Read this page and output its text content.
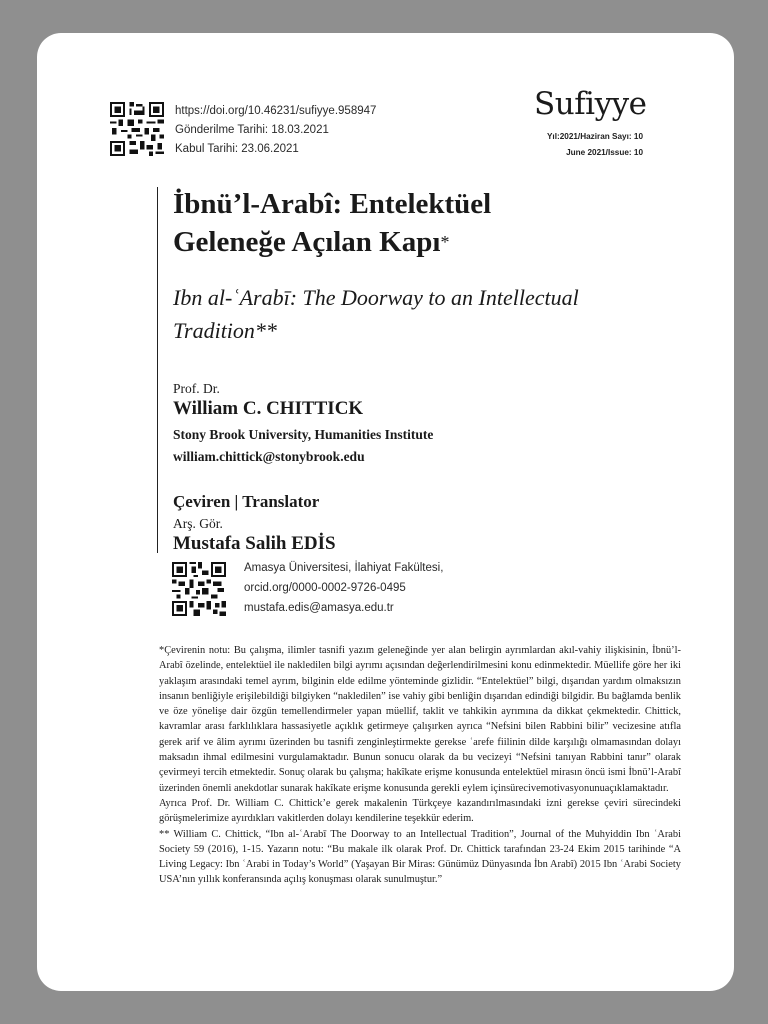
https://doi.org/10.46231/sufiyye.958947
Gönderilme Tarihi: 18.03.2021
Kabul Tarihi: 23.06.2021
Sufiyye
Yıl:2021/Haziran Sayı: 10
June 2021/Issue: 10
İbnü’l-Arabî: Entelektüel
Geleneğe Açılan Kapı*
Ibn al-ʿArabī: The Doorway to an Intellectual
Tradition**
Prof. Dr.
William C. CHITTICK
Stony Brook University, Humanities Institute
william.chittick@stonybrook.edu
Çeviren | Translator
Arş. Gör.
Mustafa Salih EDİS
Amasya Üniversitesi, İlahiyat Fakültesi,
orcid.org/0000-0002-9726-0495
mustafa.edis@amasya.edu.tr

*Çevirenin notu: Bu çalışma, ilimler tasnifi yazım geleneğinde yer alan belirgin ayrımlardan akıl-vahiy ilişkisinin, İbnü’l-Arabî özelinde, entelektüel ile nakledilen bilgi ayrımı açısından değerlendirilmesini konu edinmektedir. Müellife göre her iki yaklaşım arasındaki temel ayrım, bilginin elde edilme yönteminde gizlidir. “Entelektüel” bilgi, dışarıdan yardım olmaksızın insanın benliğiyle erişilebildiği bilgiyken “nakledilen” ise vahiy gibi benliğin dışarıdan edindiği bilgidir. Bu bağlamda benlik ve öze yönelişe dair özgün temellendirmeler yapan müellif, taklit ve tahkikin ayrımına da dikkat çekmektedir. Chittick, kavramlar arası farklılıklara hassasiyetle açıklık getirmeye çalışırken ayrıca “Nefsini bilen Rabbini bilir” vecizesine atıfla gerek arif ve âlim ayrımı üzerinden bu tasnifi zenginleştirmekte gerekse ʿarefe fiilinin dilde karşılığı olmamasından dolayı maksadın ihmal edilmesini vurgulamaktadır. Bunun sonucu olarak da bu vecizeyi “Nefsini tanıyan Rabbini tanır” olarak çevirmeyi tercih etmektedir. Sonuç olarak bu çalışma; hakîkate erişme konusunda entelektüel mirasın öncü ismi İbnü’l-Arabî üzerinden önemli anekdotlar sunarak hakîkate erişme konusunda gerekli eylem içinsürecivemotivasyonunuaçıklamaktadır.

Ayrıca Prof. Dr. William C. Chittick’e gerek makalenin Türkçeye kazandırılmasındaki izni gerekse çeviri sürecindeki görüşmelerimize ayırdıkları vakitlerden dolayı kendilerine teşekkür ederim.

** William C. Chittick, “Ibn al-ʿArabī The Doorway to an Intellectual Tradition”, Journal of the Muhyiddin Ibn ʿArabi Society 59 (2016), 1-15. Yazarın notu: “Bu makale ilk olarak Prof. Dr. Chittick tarafından 23-24 Ekim 2015 tarihinde “A Living Legacy: Ibn ʿArabi in Today’s World” (Yaşayan Bir Miras: Günümüz Dünyasında İbn Arabî) 2015 Ibn ʿArabi Society USA’nın yıllık konferansında açılış konuşması olarak sunulmuştur.”
